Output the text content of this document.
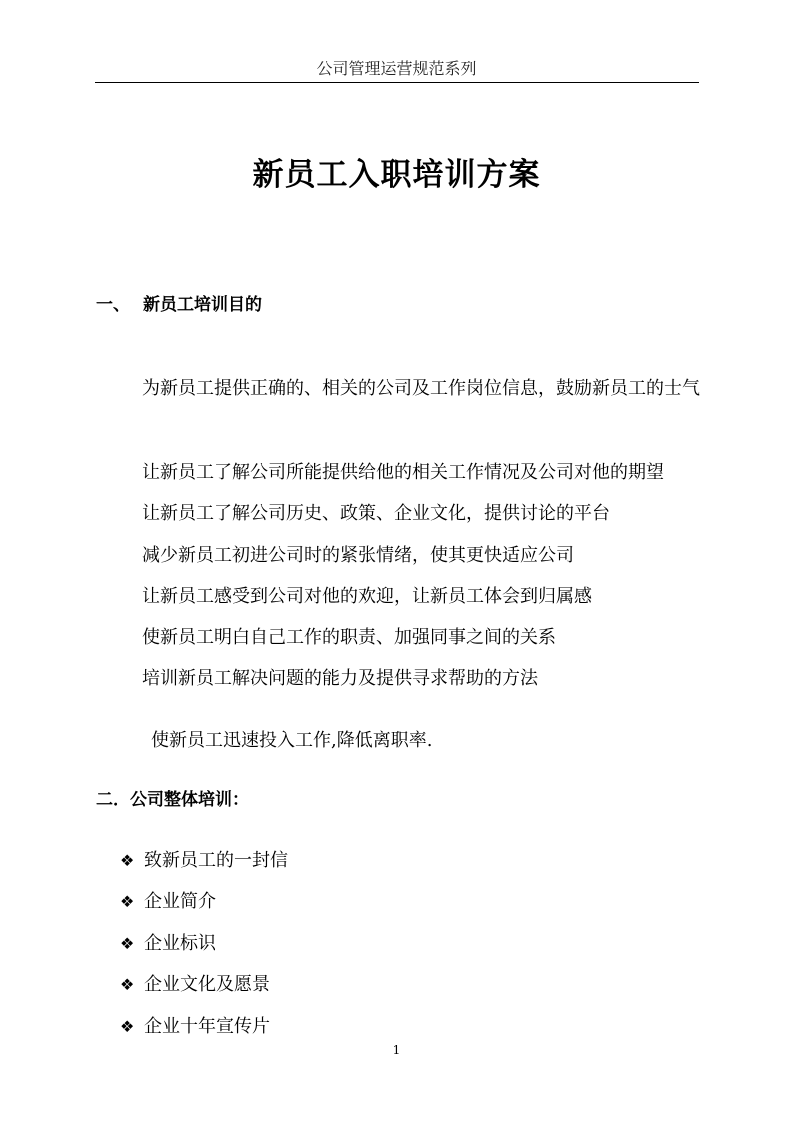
公司管理运营规范系列
新员工入职培训方案
一、 新员工培训目的

为新员工提供正确的、相关的公司及工作岗位信息，鼓励新员工的士气

让新员工了解公司所能提供给他的相关工作情况及公司对他的期望
让新员工了解公司历史、政策、企业文化，提供讨论的平台
减少新员工初进公司时的紧张情绪，使其更快适应公司
让新员工感受到公司对他的欢迎，让新员工体会到归属感
使新员工明白自己工作的职责、加强同事之间的关系
培训新员工解决问题的能力及提供寻求帮助的方法
使新员工迅速投入工作,降低离职率.
二．公司整体培训：
❖ 致新员工的一封信
❖ 企业简介
❖ 企业标识
❖ 企业文化及愿景
❖ 企业十年宣传片
1
